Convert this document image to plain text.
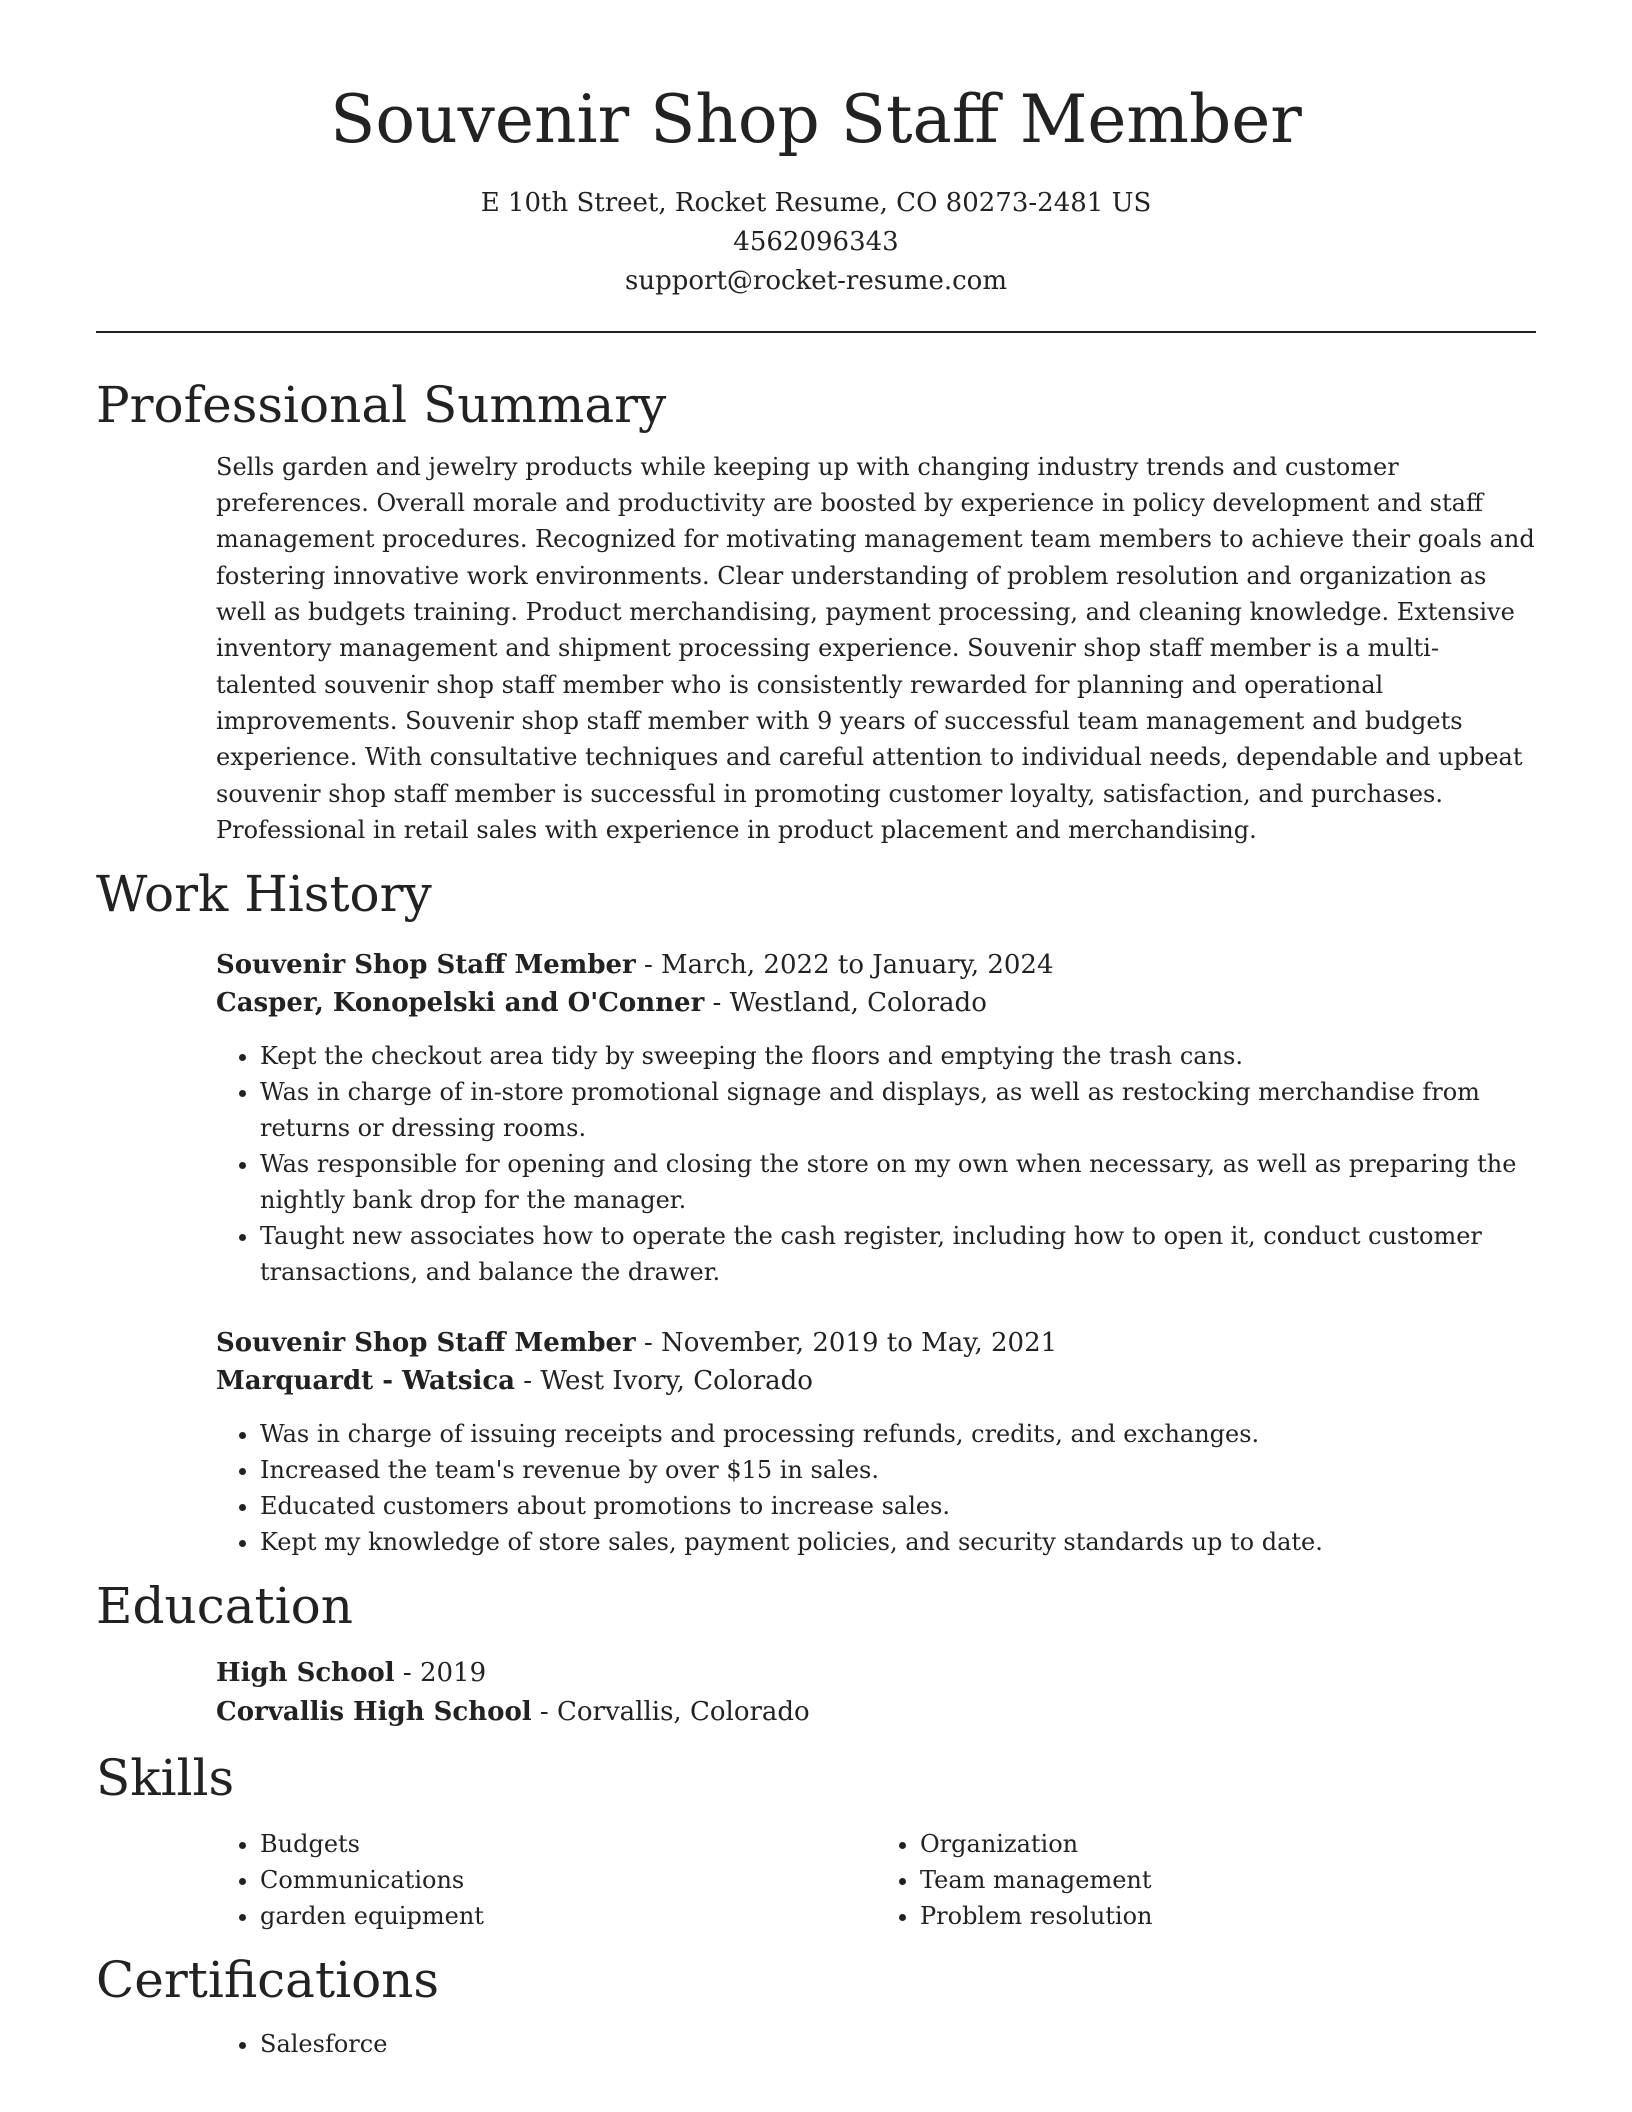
Souvenir Shop Staff Member
E 10th Street, Rocket Resume, CO 80273-2481 US
4562096343
support@rocket-resume.com
Professional Summary

Sells garden and jewelry products while keeping up with changing industry trends and customer preferences. Overall morale and productivity are boosted by experience in policy development and staff management procedures. Recognized for motivating management team members to achieve their goals and fostering innovative work environments. Clear understanding of problem resolution and organization as well as budgets training. Product merchandising, payment processing, and cleaning knowledge. Extensive inventory management and shipment processing experience. Souvenir shop staff member is a multi-talented souvenir shop staff member who is consistently rewarded for planning and operational improvements. Souvenir shop staff member with 9 years of successful team management and budgets experience. With consultative techniques and careful attention to individual needs, dependable and upbeat souvenir shop staff member is successful in promoting customer loyalty, satisfaction, and purchases. Professional in retail sales with experience in product placement and merchandising.

Work History
Souvenir Shop Staff Member - March, 2022 to January, 2024
Casper, Konopelski and O'Conner - Westland, Colorado
• Kept the checkout area tidy by sweeping the floors and emptying the trash cans.
• Was in charge of in-store promotional signage and displays, as well as restocking merchandise from returns or dressing rooms.
• Was responsible for opening and closing the store on my own when necessary, as well as preparing the nightly bank drop for the manager.
• Taught new associates how to operate the cash register, including how to open it, conduct customer transactions, and balance the drawer.
Souvenir Shop Staff Member - November, 2019 to May, 2021
Marquardt - Watsica - West Ivory, Colorado
• Was in charge of issuing receipts and processing refunds, credits, and exchanges.
• Increased the team's revenue by over $15 in sales.
• Educated customers about promotions to increase sales.
• Kept my knowledge of store sales, payment policies, and security standards up to date.
Education
High School - 2019
Corvallis High School - Corvallis, Colorado
Skills
• Budgets
• Communications
• garden equipment
• Organization
• Team management
• Problem resolution
Certifications
• Salesforce
